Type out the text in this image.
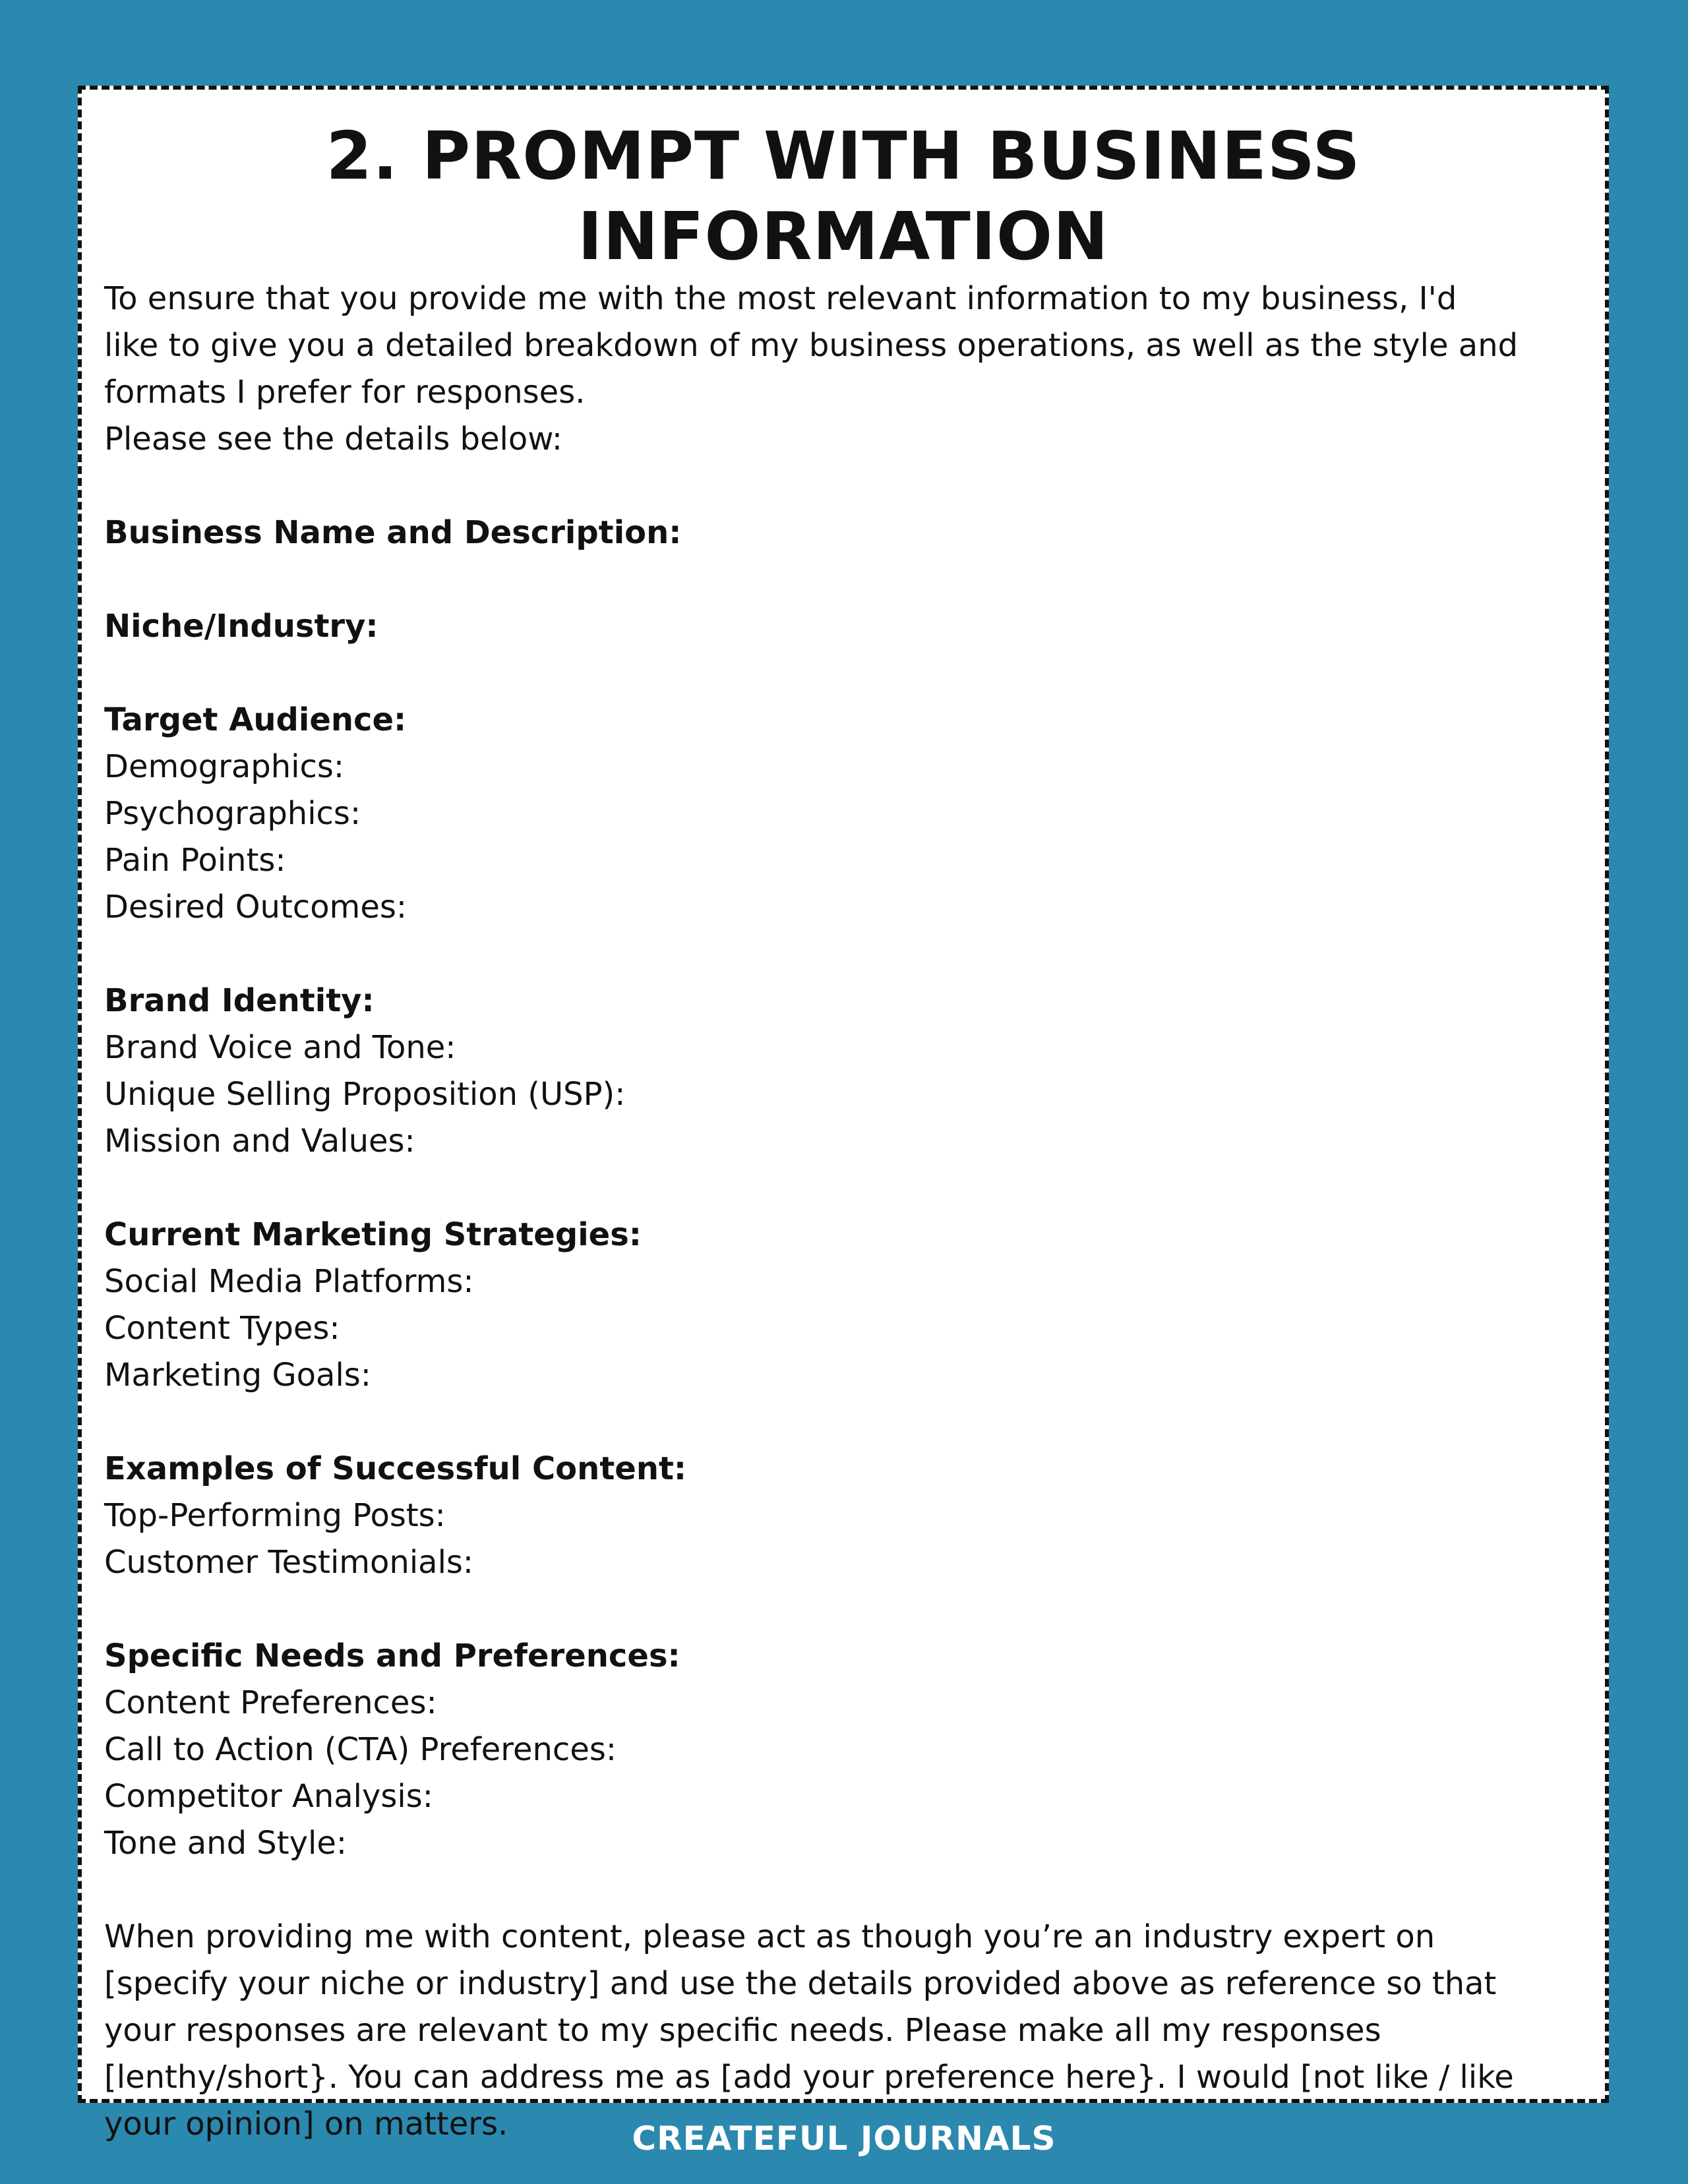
2. PROMPT WITH BUSINESS
INFORMATION
To ensure that you provide me with the most relevant information to my business, I'd
like to give you a detailed breakdown of my business operations, as well as the style and
formats I prefer for responses.
Please see the details below:
Business Name and Description:
Niche/Industry:
Target Audience:
Demographics:
Psychographics:
Pain Points:
Desired Outcomes:
Brand Identity:
Brand Voice and Tone:
Unique Selling Proposition (USP):
Mission and Values:
Current Marketing Strategies:
Social Media Platforms:
Content Types:
Marketing Goals:
Examples of Successful Content:
Top-Performing Posts:
Customer Testimonials:
Specific Needs and Preferences:
Content Preferences:
Call to Action (CTA) Preferences:
Competitor Analysis:
Tone and Style:
When providing me with content, please act as though you’re an industry expert on
[specify your niche or industry] and use the details provided above as reference so that
your responses are relevant to my specific needs. Please make all my responses
[lenthy/short}. You can address me as [add your preference here}. I would [not like / like
your opinion] on matters.	CREATEFUL JOURNALS
